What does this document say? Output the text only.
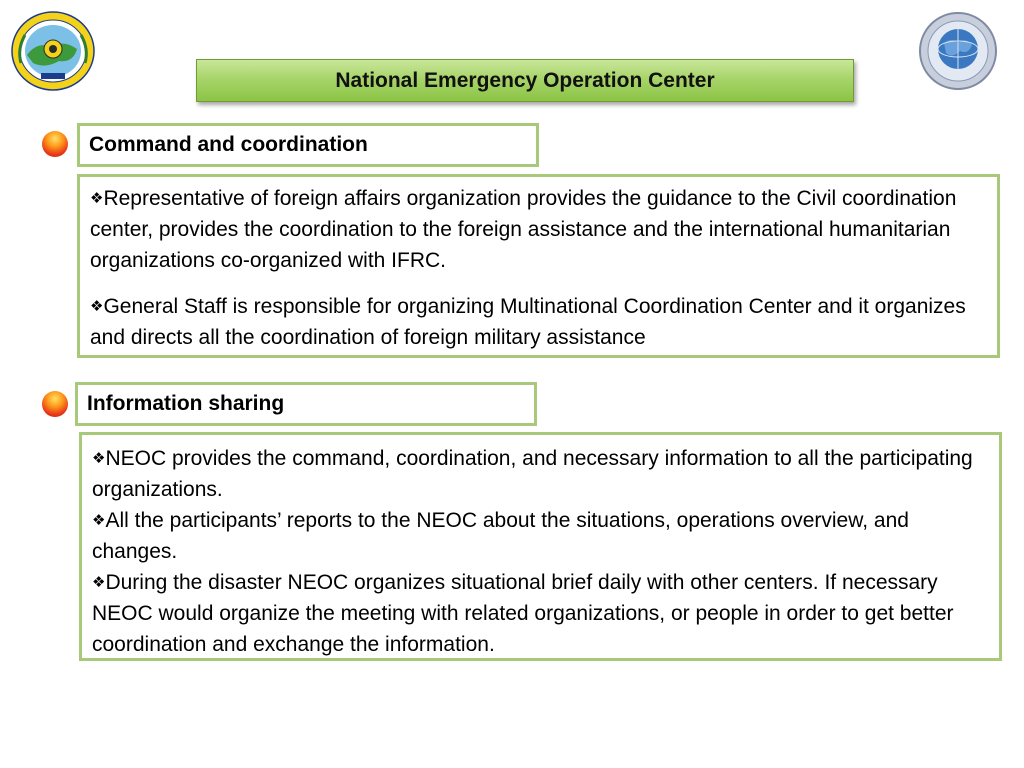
National Emergency Operation Center
Command and coordination

❖Representative of foreign affairs organization provides the guidance to the Civil coordination center, provides the coordination to the foreign assistance and the international humanitarian organizations co-organized with IFRC.

❖General Staff is responsible for organizing Multinational Coordination Center and it organizes and directs all the coordination of foreign military assistance

Information sharing

❖NEOC provides the command, coordination, and necessary information to all the participating organizations.

❖All the participants’ reports to the NEOC about the situations, operations overview, and changes.

❖During the disaster NEOC organizes situational brief daily with other centers. If necessary NEOC would organize the meeting with related organizations, or people in order to get better coordination and exchange the information.
